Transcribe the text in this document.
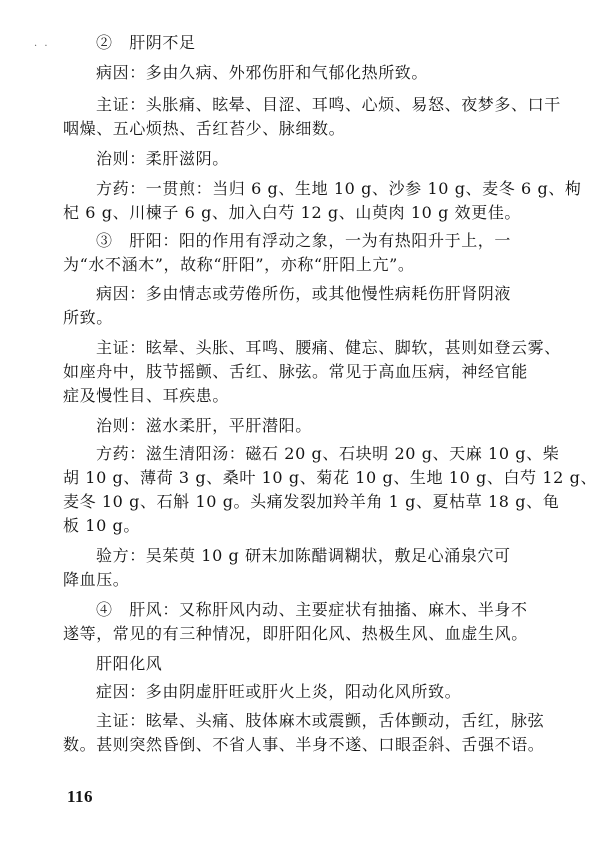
· ·	②　肝阴不足
病因：多由久病、外邪伤肝和气郁化热所致。
主证：头胀痛、眩晕、目涩、耳鸣、心烦、易怒、夜梦多、口干
咽燥、五心烦热、舌红苔少、脉细数。
治则：柔肝滋阴。
方药：一贯煎：当归 6 g、生地 10 g、沙参 10 g、麦冬 6 g、枸
杞 6 g、川楝子 6 g、加入白芍 12 g、山萸肉 10 g 效更佳。
③　肝阳：阳的作用有浮动之象，一为有热阳升于上，一
为“水不涵木”，故称“肝阳”，亦称“肝阳上亢”。
病因：多由情志或劳倦所伤，或其他慢性病耗伤肝肾阴液
所致。
主证：眩晕、头胀、耳鸣、腰痛、健忘、脚软，甚则如登云雾、
如座舟中，肢节摇颤、舌红、脉弦。常见于高血压病，神经官能
症及慢性目、耳疾患。
治则：滋水柔肝，平肝潜阳。
方药：滋生清阳汤：磁石 20 g、石块明 20 g、天麻 10 g、柴
胡 10 g、薄荷 3 g、桑叶 10 g、菊花 10 g、生地 10 g、白芍 12 g、
麦冬 10 g、石斛 10 g。头痛发裂加羚羊角 1 g、夏枯草 18 g、龟
板 10 g。
验方：吴茱萸 10 g 研末加陈醋调糊状，敷足心涌泉穴可
降血压。
④　肝风：又称肝风内动、主要症状有抽搐、麻木、半身不
遂等，常见的有三种情况，即肝阳化风、热极生风、血虚生风。
肝阳化风
症因：多由阴虚肝旺或肝火上炎，阳动化风所致。
主证：眩晕、头痛、肢体麻木或震颤，舌体颤动，舌红，脉弦
数。甚则突然昏倒、不省人事、半身不遂、口眼歪斜、舌强不语。
116
